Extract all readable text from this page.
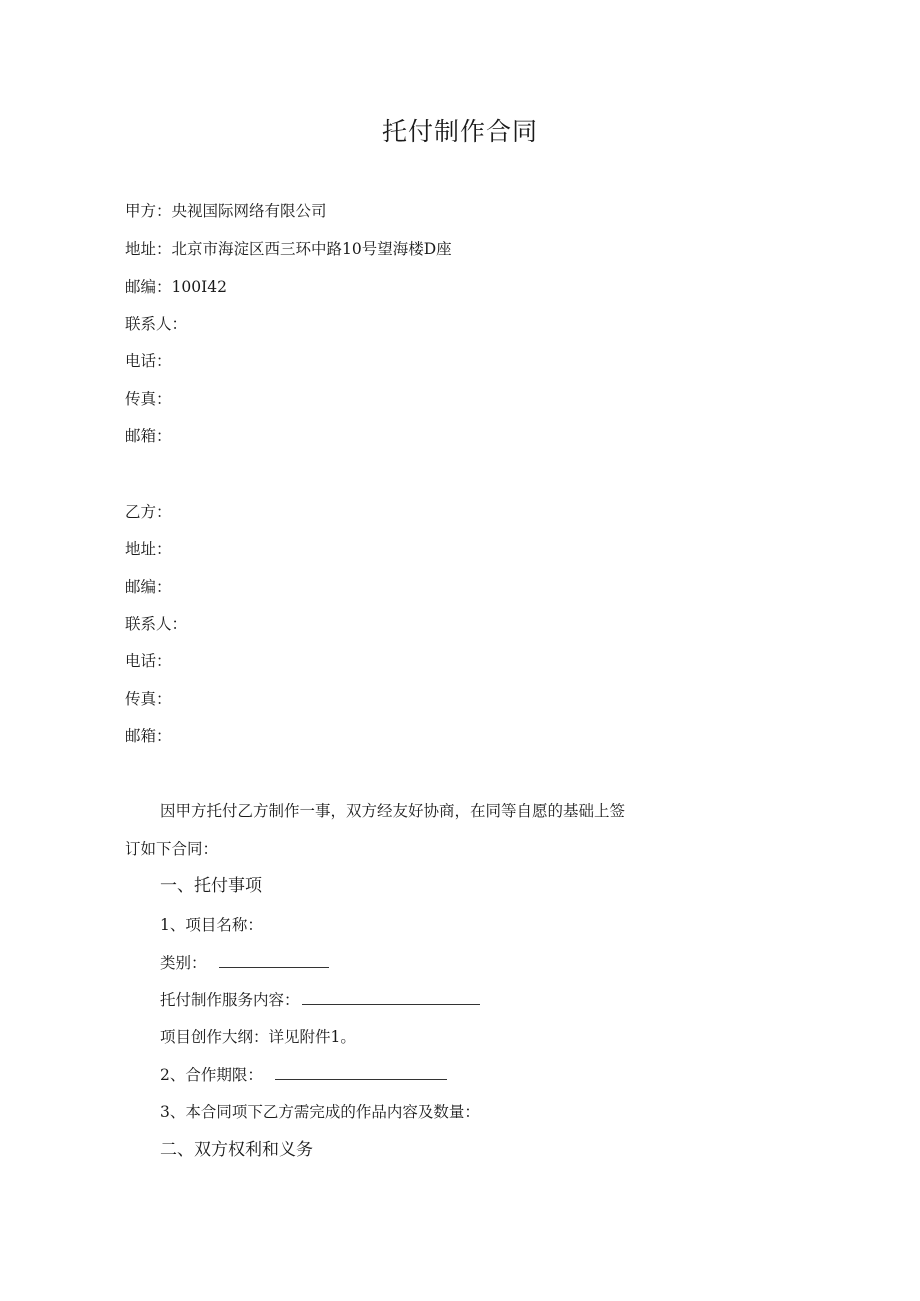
托付制作合同
甲方：央视国际网络有限公司
地址：北京市海淀区西三环中路10号望海楼D座
邮编：100I42
联系人：
电话：
传真：
邮箱：
乙方：
地址：
邮编：
联系人：
电话：
传真：
邮箱：
因甲方托付乙方制作一事，双方经友好协商，在同等自愿的基础上签
订如下合同：
一、托付事项
1、项目名称：
类别：
托付制作服务内容：
项目创作大纲：详见附件1。
2、合作期限：
3、本合同项下乙方需完成的作品内容及数量：
二、双方权利和义务
